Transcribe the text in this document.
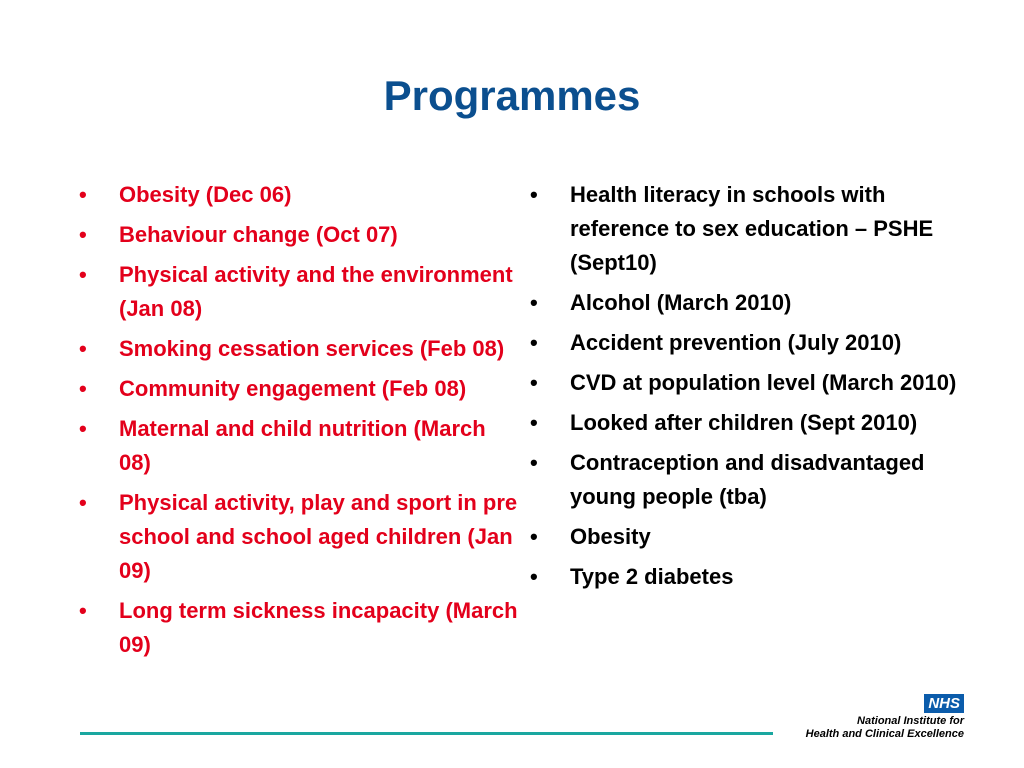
Programmes
•	Obesity (Dec 06)
•	Behaviour change (Oct 07)
•	Physical activity and the environment (Jan 08)
•	Smoking cessation services (Feb 08)
•	Community engagement (Feb 08)
•	Maternal and child nutrition (March 08)
•	Physical activity, play and sport in pre school and school aged children (Jan 09)
•	Long term sickness incapacity (March 09)
•	Health literacy in schools with reference to sex education – PSHE (Sept10)
•	Alcohol (March 2010)
•	Accident prevention (July 2010)
•	CVD at population level (March 2010)
•	Looked after children (Sept 2010)
•	Contraception and disadvantaged young people (tba)
•	Obesity
•	Type 2 diabetes
NHS
National Institute for
Health and Clinical Excellence
